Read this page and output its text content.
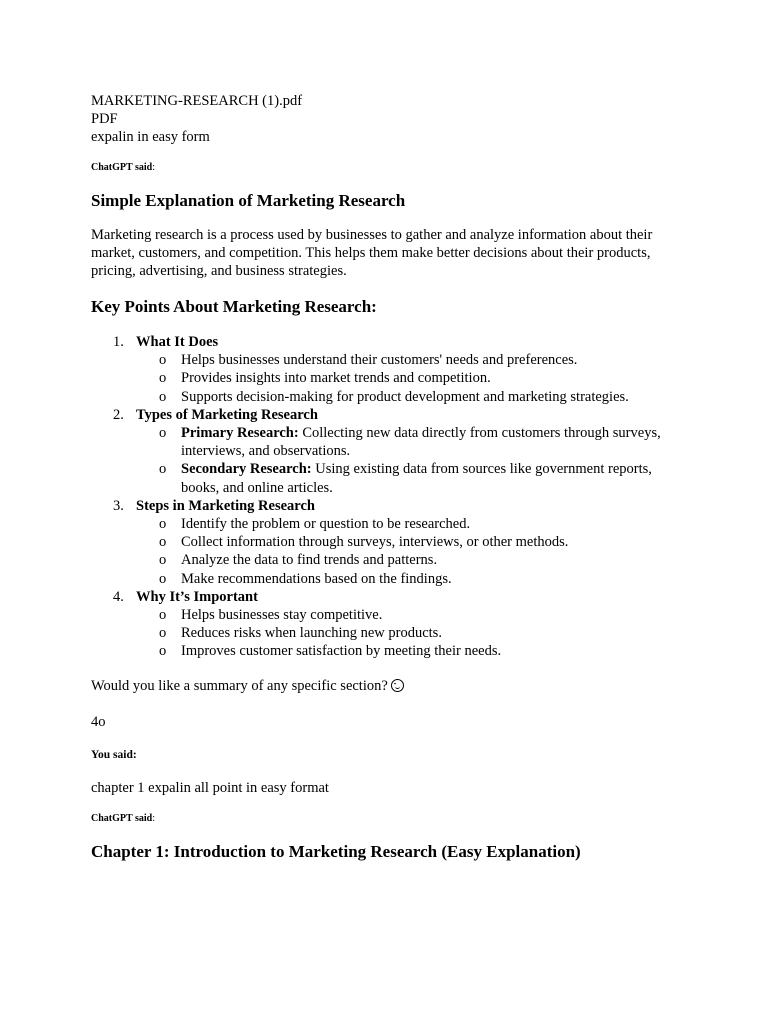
MARKETING-RESEARCH (1).pdf

PDF

expalin in easy form

ChatGPT said:

Simple Explanation of Marketing Research

Marketing research is a process used by businesses to gather and analyze information about their market, customers, and competition. This helps them make better decisions about their products, pricing, advertising, and business strategies.

Key Points About Marketing Research:
1. What It Does
o Helps businesses understand their customers' needs and preferences.
o Provides insights into market trends and competition.
o Supports decision-making for product development and marketing strategies.
2. Types of Marketing Research
o Primary Research: Collecting new data directly from customers through surveys, interviews, and observations.
o Secondary Research: Using existing data from sources like government reports, books, and online articles.
3. Steps in Marketing Research
o Identify the problem or question to be researched.
o Collect information through surveys, interviews, or other methods.
o Analyze the data to find trends and patterns.
o Make recommendations based on the findings.
4. Why It’s Important
o Helps businesses stay competitive.
o Reduces risks when launching new products.
o Improves customer satisfaction by meeting their needs.

Would you like a summary of any specific section?

4o

You said:

chapter 1 expalin all point in easy format

ChatGPT said:

Chapter 1: Introduction to Marketing Research (Easy Explanation)
